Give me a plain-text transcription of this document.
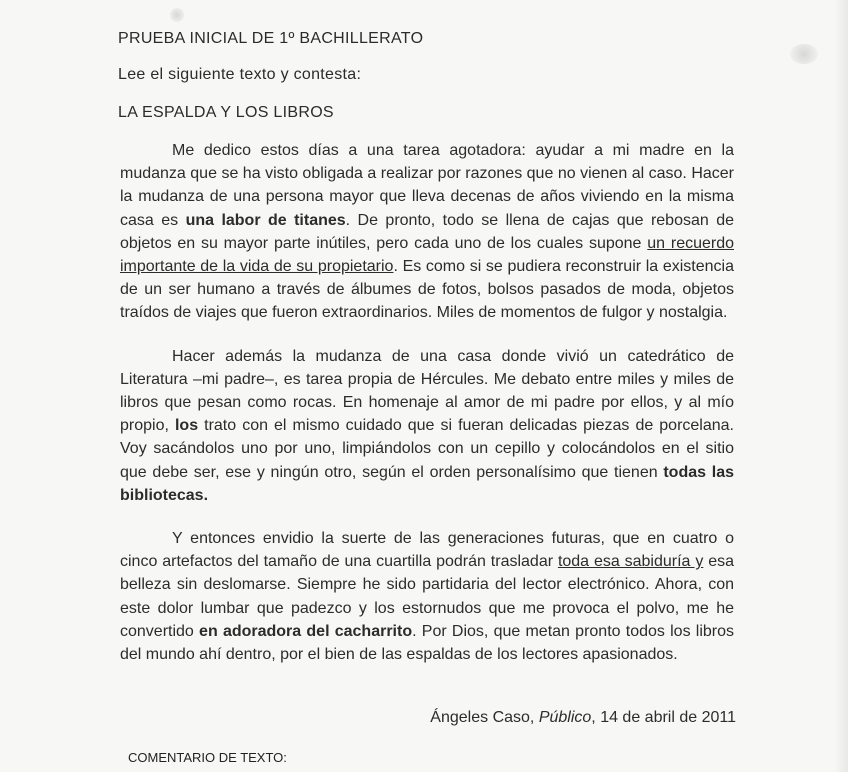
PRUEBA INICIAL DE 1º BACHILLERATO
Lee el siguiente texto y contesta:
LA ESPALDA Y LOS LIBROS

Me dedico estos días a una tarea agotadora: ayudar a mi madre en la mudanza que se ha visto obligada a realizar por razones que no vienen al caso. Hacer la mudanza de una persona mayor que lleva decenas de años viviendo en la misma casa es una labor de titanes. De pronto, todo se llena de cajas que rebosan de objetos en su mayor parte inútiles, pero cada uno de los cuales supone un recuerdo importante de la vida de su propietario. Es como si se pudiera reconstruir la existencia de un ser humano a través de álbumes de fotos, bolsos pasados de moda, objetos traídos de viajes que fueron extraordinarios. Miles de momentos de fulgor y nostalgia.

Hacer además la mudanza de una casa donde vivió un catedrático de Literatura –mi padre–, es tarea propia de Hércules. Me debato entre miles y miles de libros que pesan como rocas. En homenaje al amor de mi padre por ellos, y al mío propio, los trato con el mismo cuidado que si fueran delicadas piezas de porcelana. Voy sacándolos uno por uno, limpiándolos con un cepillo y colocándolos en el sitio que debe ser, ese y ningún otro, según el orden personalísimo que tienen todas las bibliotecas.

Y entonces envidio la suerte de las generaciones futuras, que en cuatro o cinco artefactos del tamaño de una cuartilla podrán trasladar toda esa sabiduría y esa belleza sin deslomarse. Siempre he sido partidaria del lector electrónico. Ahora, con este dolor lumbar que padezco y los estornudos que me provoca el polvo, me he convertido en adoradora del cacharrito. Por Dios, que metan pronto todos los libros del mundo ahí dentro, por el bien de las espaldas de los lectores apasionados.

Ángeles Caso, Público, 14 de abril de 2011
COMENTARIO DE TEXTO:
